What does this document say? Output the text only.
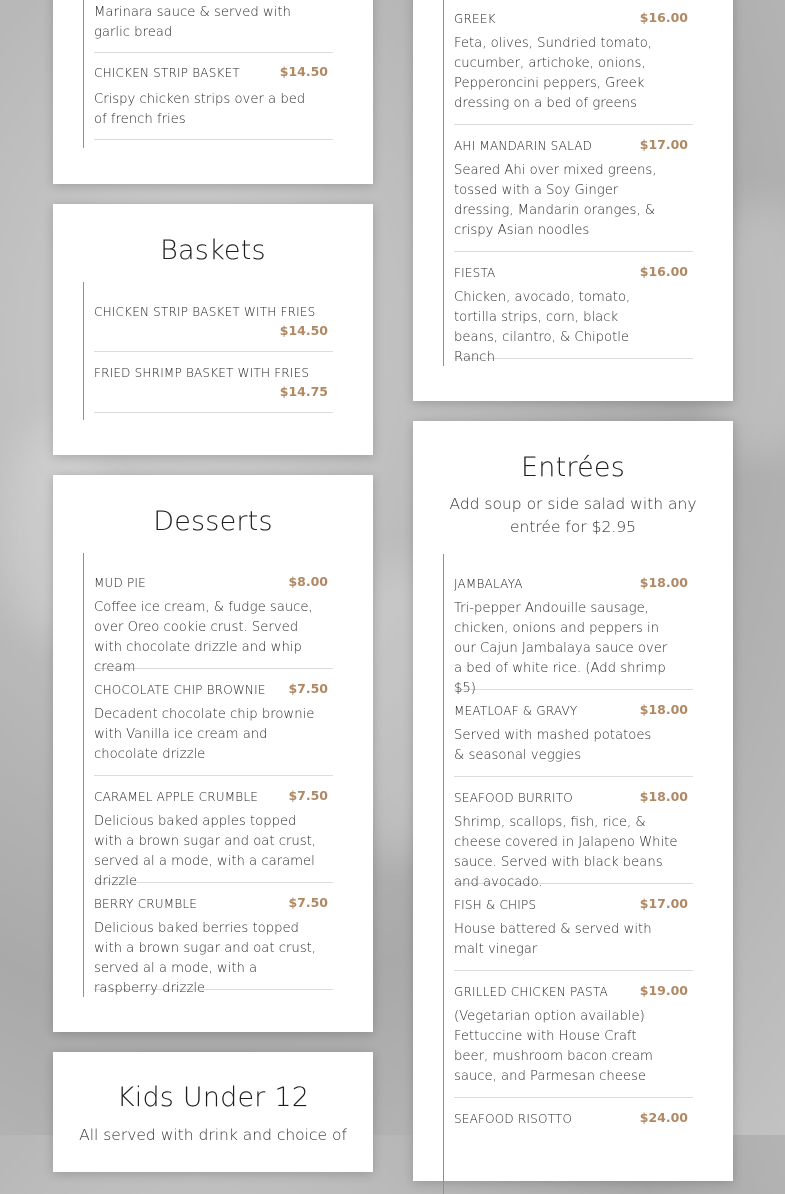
Marinara sauce & served with garlic bread
CHICKEN STRIP BASKET	$14.50
Crispy chicken strips over a bed of french fries
Baskets
CHICKEN STRIP BASKET WITH FRIES
$14.50
FRIED SHRIMP BASKET WITH FRIES
$14.75
Desserts
MUD PIE	$8.00
Coffee ice cream, & fudge sauce, over Oreo cookie crust. Served with chocolate drizzle and whip cream
CHOCOLATE CHIP BROWNIE $7.50
Decadent chocolate chip brownie with Vanilla ice cream and chocolate drizzle
CARAMEL APPLE CRUMBLE $7.50
Delicious baked apples topped with a brown sugar and oat crust, served al a mode, with a caramel drizzle
BERRY CRUMBLE	$7.50
Delicious baked berries topped with a brown sugar and oat crust, served al a mode, with a raspberry drizzle
Kids Under 12
All served with drink and choice of
GREEK	$16.00
Feta, olives, Sundried tomato, cucumber, artichoke, onions, Pepperoncini peppers, Greek dressing on a bed of greens
AHI MANDARIN SALAD	$17.00
Seared Ahi over mixed greens, tossed with a Soy Ginger dressing, Mandarin oranges, & crispy Asian noodles
FIESTA	$16.00
Chicken, avocado, tomato, tortilla strips, corn, black beans, cilantro, & Chipotle Ranch
Entrées
Add soup or side salad with any entrée for $2.95
JAMBALAYA	$18.00
Tri-pepper Andouille sausage, chicken, onions and peppers in our Cajun Jambalaya sauce over a bed of white rice. (Add shrimp $5)
MEATLOAF & GRAVY	$18.00
Served with mashed potatoes & seasonal veggies
SEAFOOD BURRITO	$18.00
Shrimp, scallops, fish, rice, & cheese covered in Jalapeno White sauce. Served with black beans and avocado.
FISH & CHIPS	$17.00
House battered & served with malt vinegar
GRILLED CHICKEN PASTA	$19.00
(Vegetarian option available) Fettuccine with House Craft beer, mushroom bacon cream sauce, and Parmesan cheese
SEAFOOD RISOTTO	$24.00
